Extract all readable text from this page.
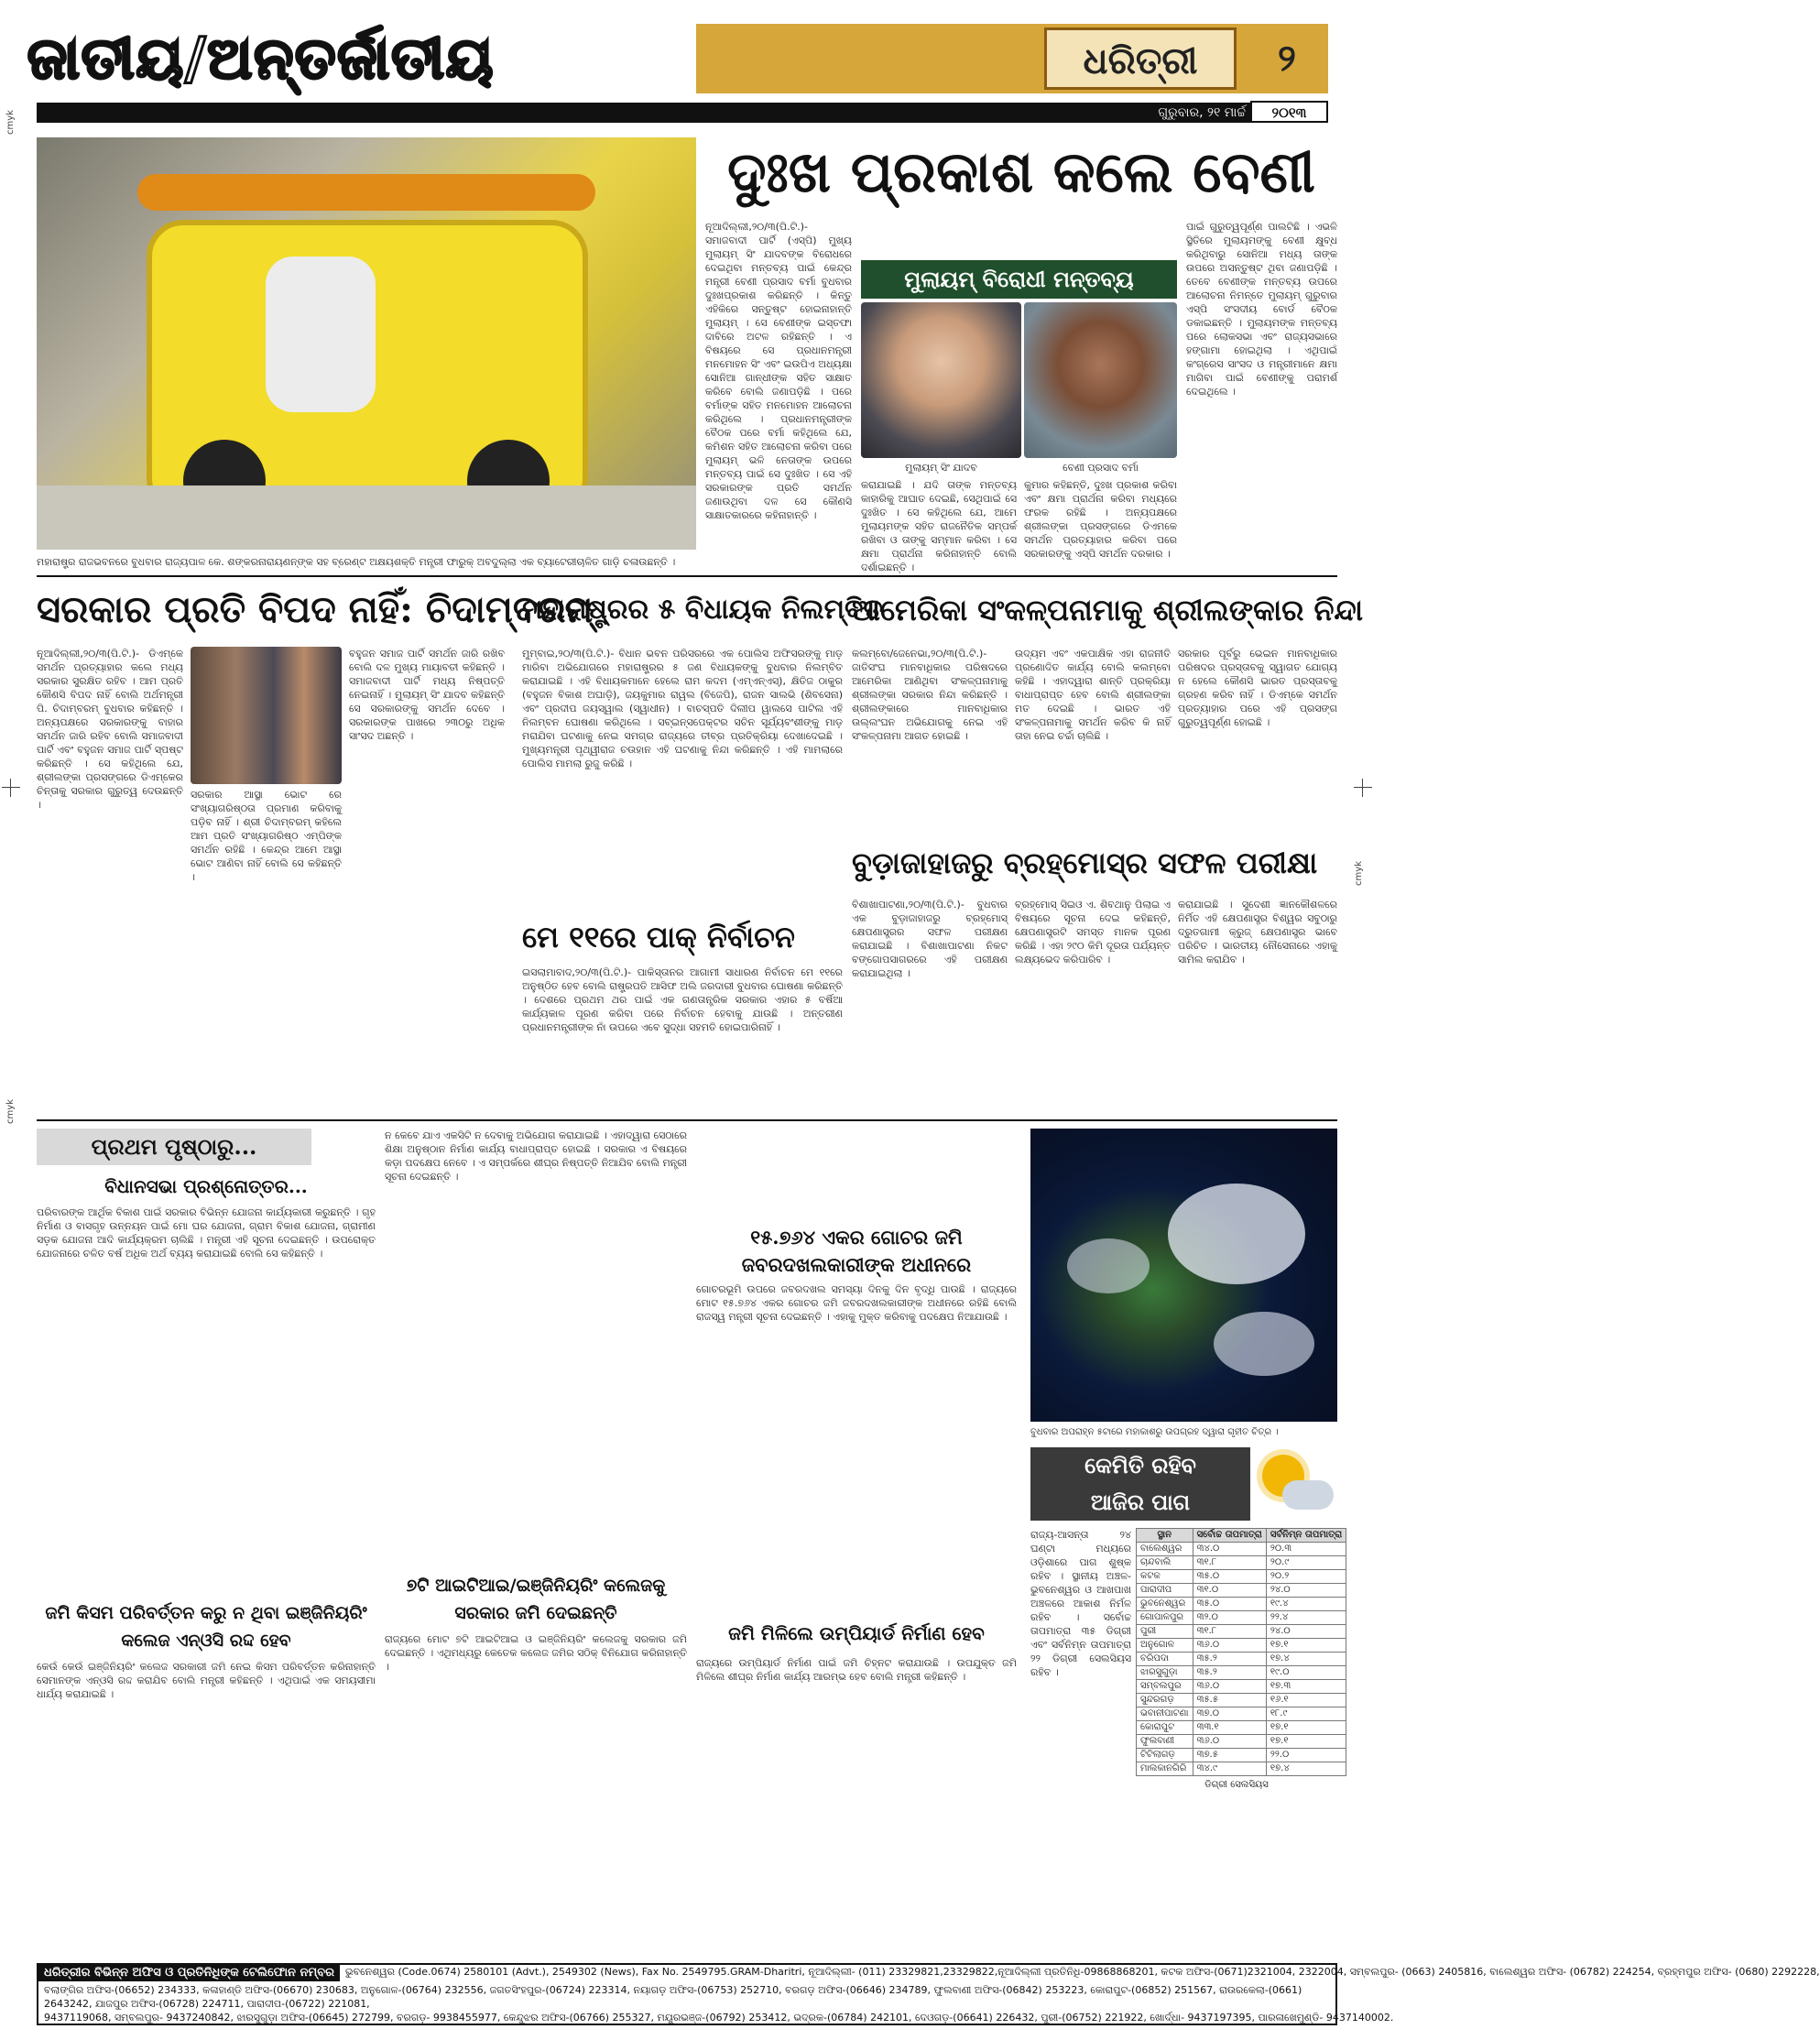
ଜାତୀୟ/ଅନ୍ତର୍ଜାତୀୟ	ଧରିତ୍ରୀ	୨
ଗୁରୁବାର, ୨୧ ମାର୍ଚ୍ଚ	୨୦୧୩
cmyk
cmyk
cmyk
ମହାରାଷ୍ଟ୍ର ରାଜଭବନରେ ବୁଧବାର ରାଜ୍ୟପାଳ କେ. ଶଙ୍କରନାରାୟଣନ୍ଙ୍କ ସହ ବ୍ରେଣ୍ଟ ଅକ୍ଷୟଶକ୍ତି ମନ୍ତ୍ରୀ ଫାରୁକ୍ ଅବଦୁଲ୍ଲା ଏକ ବ୍ୟାଟେରୀଚାଳିତ ଗାଡ଼ି ଚଳାଉଛନ୍ତି ।
ଦୁଃଖ ପ୍ରକାଶ କଲେ ବେଣୀ
ନୂଆଦିଲ୍ଲୀ,୨୦/୩(ପି.ଟି.)- ସମାଜବାଦୀ ପାର୍ଟି (ଏସ୍‌ପି) ମୁଖ୍ୟ ମୁଲାୟମ୍ ସିଂ ଯାଦବଙ୍କ ବିରୋଧରେ ଦେଇଥିବା ମନ୍ତବ୍ୟ ପାଇଁ କେନ୍ଦ୍ର ମନ୍ତ୍ରୀ ବେଣୀ ପ୍ରସାଦ ବର୍ମା ବୁଧବାର ଦୁଃଖପ୍ରକାଶ କରିଛନ୍ତି । କିନ୍ତୁ ଏହିକିରେ ସନ୍ତୁଷ୍ଟ ହୋଇନାହାନ୍ତି ମୁଲାୟମ୍ । ସେ ବେଣୀଙ୍କ ଇସ୍ତଫା ଦାବିରେ ଅଟଳ ରହିଛନ୍ତି । ଏ ବିଷୟରେ ସେ ପ୍ରଧାନମନ୍ତ୍ରୀ ମନମୋହନ ସିଂ ଏବଂ ଇଉପିଏ ଅଧ୍ୟକ୍ଷା ସୋନିଆ ଗାନ୍ଧୀଙ୍କ ସହିତ ସାକ୍ଷାତ କରିବେ ବୋଲି ଜଣାପଡ଼ିଛି । ପରେ ବର୍ମାଙ୍କ ସହିତ ମନମୋହନ ଆଲୋଚନା କରିଥିଲେ । ପ୍ରଧାନମନ୍ତ୍ରୀଙ୍କ ବୈଠକ ପରେ ବର୍ମା କହିଥିଲେ ଯେ, କମିଶନ ସହିତ ଆଲୋଚନା କରିବା ପରେ ମୁଲାୟମ୍ ଭଳି ନେତାଙ୍କ ଉପରେ ମନ୍ତବ୍ୟ ପାଇଁ ସେ ଦୁଃଖିତ । ସେ ଏହି ସରକାରଙ୍କ ପ୍ରତି ସମର୍ଥନ ଜଣାଉଥିବା ଦଳ ସେ କୌଣସି ସାକ୍ଷାତକାରରେ କହିନାହାନ୍ତି ।
ମୁଲାୟମ୍ ବିରୋଧୀ ମନ୍ତବ୍ୟ
ମୁଲାୟମ୍ ସିଂ ଯାଦବ	ବେଣୀ ପ୍ରସାଦ ବର୍ମା
କରାଯାଇଛି । ଯଦି ତାଙ୍କ ମନ୍ତବ୍ୟ କାହାରିକୁ ଆଘାତ ଦେଇଛି, ସେଥିପାଇଁ ସେ ଦୁଃଖିତ । ସେ କହିଥିଲେ ଯେ, ଆମେ ମୁଲାୟମଙ୍କ ସହିତ ରାଜନୈତିକ ସମ୍ପର୍କ ରଖିବା ଓ ତାଙ୍କୁ ସମ୍ମାନ କରିବା । ସେ କ୍ଷମା ପ୍ରାର୍ଥନା କରିନାହାନ୍ତି ବୋଲି ଦର୍ଶାଇଛନ୍ତି ।
କୁମାର କହିଛନ୍ତି, ଦୁଃଖ ପ୍ରକାଶ କରିବା ଏବଂ କ୍ଷମା ପ୍ରାର୍ଥନା କରିବା ମଧ୍ୟରେ ଫରକ ରହିଛି । ଅନ୍ୟପକ୍ଷରେ ଶ୍ରୀଲଙ୍କା ପ୍ରସଙ୍ଗରେ ଡିଏମକେ ସମର୍ଥନ ପ୍ରତ୍ୟାହାର କରିବା ପରେ ସରକାରଙ୍କୁ ଏସ୍‌ପି ସମର୍ଥନ ଦରକାର ।
ପାଇଁ ଗୁରୁତ୍ୱପୂର୍ଣ୍ଣ ପାଲଟିଛି । ଏଭଳି ସ୍ଥିତିରେ ମୁଲାୟମଙ୍କୁ ବେଣୀ କ୍ଷୁବ୍ଧ କରିଥିବାରୁ ସୋନିଆ ମଧ୍ୟ ତାଙ୍କ ଉପରେ ଅସନ୍ତୁଷ୍ଟ ଥିବା ଜଣାପଡ଼ିଛି । ତେବେ ବେଣୀଙ୍କ ମନ୍ତବ୍ୟ ଉପରେ ଆଲୋଚନା ନିମନ୍ତେ ମୁଲାୟମ୍ ଗୁରୁବାର ଏସ୍‌ପି ସଂସଦୀୟ ବୋର୍ଡ ବୈଠକ ଡକାଇଛନ୍ତି । ମୁଲାୟମଙ୍କ ମନ୍ତବ୍ୟ ପରେ ଲୋକସଭା ଏବଂ ରାଜ୍ୟସଭାରେ ହଙ୍ଗାମା ହୋଇଥିଲା । ଏଥିପାଇଁ କଂଗ୍ରେସ ସାଂସଦ ଓ ମନ୍ତ୍ରୀମାନେ କ୍ଷମା ମାଗିବା ପାଇଁ ବେଣୀଙ୍କୁ ପରାମର୍ଶ ଦେଇଥିଲେ ।
ସରକାର ପ୍ରତି ବିପଦ ନାହିଁ: ଚିଦାମ୍ବରମ୍
ନୂଆଦିଲ୍ଲୀ,୨୦/୩(ପି.ଟି.)- ଡିଏମ୍‌କେ ସମର୍ଥନ ପ୍ରତ୍ୟାହାର କଲେ ମଧ୍ୟ ସରକାର ସୁରକ୍ଷିତ ରହିବ । ଆମ ପ୍ରତି କୌଣସି ବିପଦ ନାହିଁ ବୋଲି ଅର୍ଥମନ୍ତ୍ରୀ ପି. ଚିଦାମ୍ବରମ୍ ବୁଧବାର କହିଛନ୍ତି । ଅନ୍ୟପକ୍ଷରେ ସରକାରଙ୍କୁ ବାହାର ସମର୍ଥନ ଜାରି ରହିବ ବୋଲି ସମାଜବାଦୀ ପାର୍ଟି ଏବଂ ବହୁଜନ ସମାଜ ପାର୍ଟି ସ୍ପଷ୍ଟ କରିଛନ୍ତି । ସେ କହିଥିଲେ ଯେ, ଶ୍ରୀଲଙ୍କା ପ୍ରସଙ୍ଗରେ ଡିଏମ୍‌କେର ଚିନ୍ତାକୁ ସରକାର ଗୁରୁତ୍ୱ ଦେଉଛନ୍ତି ।
ସରକାର ଆସ୍ଥା ଭୋଟ ରେ ସଂଖ୍ୟାଗରିଷ୍ଠତା ପ୍ରମାଣ କରିବାକୁ ପଡ଼ିବ ନାହିଁ । ଶ୍ରୀ ଚିଦାମ୍ବରମ୍ କହିଲେ ଆମ ପ୍ରତି ସଂଖ୍ୟାଗରିଷ୍ଠ ଏମ୍ପିଙ୍କ ସମର୍ଥନ ରହିଛି । କେନ୍ଦ୍ର ଆମେ ଆସ୍ଥା ଭୋଟ ଆଣିବା ନାହିଁ ବୋଲି ସେ କହିଛନ୍ତି ।
ବହୁଜନ ସମାଜ ପାର୍ଟି ସମର୍ଥନ ଜାରି ରଖିବ ବୋଲି ଦଳ ମୁଖ୍ୟ ମାୟାବତୀ କହିଛନ୍ତି । ସମାଜବାଦୀ ପାର୍ଟି ମଧ୍ୟ ନିଷ୍ପତ୍ତି ନେଇନାହିଁ । ମୁଲାୟମ୍ ସିଂ ଯାଦବ କହିଛନ୍ତି ସେ ସରକାରଙ୍କୁ ସମର୍ଥନ ଦେବେ । ସରକାରଙ୍କ ପାଖରେ ୨୩୦ରୁ ଅଧିକ ସାଂସଦ ଅଛନ୍ତି ।
ମହାରାଷ୍ଟ୍ରର ୫ ବିଧାୟକ ନିଲମ୍ବିତ
ମୁମ୍ବାଇ,୨୦/୩(ପି.ଟି.)- ବିଧାନ ଭବନ ପରିସରରେ ଏକ ପୋଲିସ ଅଫିସରଙ୍କୁ ମାଡ଼ ମାରିବା ଅଭିଯୋଗରେ ମହାରାଷ୍ଟ୍ରର ୫ ଜଣ ବିଧାୟକଙ୍କୁ ବୁଧବାର ନିଲମ୍ବିତ କରାଯାଇଛି । ଏହି ବିଧାୟକମାନେ ହେଲେ ରାମ କଦମ (ଏମ୍‌ଏନ୍‌ଏସ୍), କ୍ଷିତିଜ ଠାକୁର (ବହୁଜନ ବିକାଶ ଅଘାଡ଼ି), ଜୟକୁମାର ରାୱଲ (ବିଜେପି), ରାଜନ ସାଲଭି (ଶିବସେନା) ଏବଂ ପ୍ରଦୀପ ଜୟସ୍ୱାଲ (ସ୍ୱାଧୀନ) । ବାଚସ୍ପତି ଦିଲୀପ ୱାଲସେ ପାଟିଲ ଏହି ନିଲମ୍ବନ ଘୋଷଣା କରିଥିଲେ । ସବ୍‌ଇନ୍ସପେକ୍ଟର ସଚିନ ସୂର୍ଯ୍ୟବଂଶୀଙ୍କୁ ମାଡ଼ ମରାଯିବା ଘଟଣାକୁ ନେଇ ସମଗ୍ର ରାଜ୍ୟରେ ତୀବ୍ର ପ୍ରତିକ୍ରିୟା ଦେଖାଦେଇଛି । ମୁଖ୍ୟମନ୍ତ୍ରୀ ପୃଥ୍ୱୀରାଜ ଚଉହାନ ଏହି ଘଟଣାକୁ ନିନ୍ଦା କରିଛନ୍ତି । ଏହି ମାମଲାରେ ପୋଲିସ ମାମଲା ରୁଜୁ କରିଛି ।
ମେ ୧୧ରେ ପାକ୍ ନିର୍ବାଚନ
ଇସଲାମାବାଦ,୨୦/୩(ପି.ଟି.)- ପାକିସ୍ତାନର ଆଗାମୀ ସାଧାରଣ ନିର୍ବାଚନ ମେ ୧୧ରେ ଅନୁଷ୍ଠିତ ହେବ ବୋଲି ରାଷ୍ଟ୍ରପତି ଆସିଫ ଅଲି ଜରଦାରୀ ବୁଧବାର ଘୋଷଣା କରିଛନ୍ତି । ଦେଶରେ ପ୍ରଥମ ଥର ପାଇଁ ଏକ ଗଣତାନ୍ତ୍ରିକ ସରକାର ଏହାର ୫ ବର୍ଷିଆ କାର୍ଯ୍ୟକାଳ ପୂରଣ କରିବା ପରେ ନିର୍ବାଚନ ହେବାକୁ ଯାଉଛି । ଅନ୍ତରୀଣ ପ୍ରଧାନମନ୍ତ୍ରୀଙ୍କ ନାଁ ଉପରେ ଏବେ ସୁଦ୍ଧା ସହମତି ହୋଇପାରିନାହିଁ ।
ଆମେରିକା ସଂକଳ୍ପନାମାକୁ ଶ୍ରୀଲଙ୍କାର ନିନ୍ଦା
କଲମ୍ବୋ/ଜେନେଭା,୨୦/୩(ପି.ଟି.)- ଜାତିସଂଘ ମାନବାଧିକାର ପରିଷଦରେ ଆମେରିକା ଆଣିଥିବା ସଂକଳ୍ପନାମାକୁ ଶ୍ରୀଲଙ୍କା ସରକାର ନିନ୍ଦା କରିଛନ୍ତି । ଶ୍ରୀଲଙ୍କାରେ ମାନବାଧିକାର ଉଲ୍ଲଂଘନ ଅଭିଯୋଗକୁ ନେଇ ଏହି ସଂକଳ୍ପନାମା ଆଗତ ହୋଇଛି ।
ଉଦ୍ୟମ ଏବଂ ଏକପାକ୍ଷିକ ଏହା ରାଜନୀତି ପ୍ରଣୋଦିତ କାର୍ଯ୍ୟ ବୋଲି କଲମ୍ବୋ କହିଛି । ଏହାଦ୍ୱାରା ଶାନ୍ତି ପ୍ରକ୍ରିୟା ବାଧାପ୍ରାପ୍ତ ହେବ ବୋଲି ଶ୍ରୀଲଙ୍କା ମତ ଦେଇଛି । ଭାରତ ଏହି ସଂକଳ୍ପନାମାକୁ ସମର୍ଥନ କରିବ କି ନାହିଁ ତାହା ନେଇ ଚର୍ଚ୍ଚା ଚାଲିଛି ।
ସରକାର ପୂର୍ବରୁ ଭେଇନ ମାନବାଧିକାର ପରିଷଦର ପ୍ରସ୍ତାବକୁ ସ୍ୱାଗତ ଯୋଗ୍ୟ ନ ହେଲେ କୌଣସି ଭାରତ ପ୍ରସ୍ତାବକୁ ଗ୍ରହଣ କରିବ ନାହିଁ । ଡିଏମ୍‌କେ ସମର୍ଥନ ପ୍ରତ୍ୟାହାର ପରେ ଏହି ପ୍ରସଙ୍ଗ ଗୁରୁତ୍ୱପୂର୍ଣ୍ଣ ହୋଇଛି ।
ବୁଡ଼ାଜାହାଜରୁ ବ୍ରହ୍ମୋସ୍‌ର ସଫଳ ପରୀକ୍ଷା
ବିଶାଖାପାଟଣା,୨୦/୩(ପି.ଟି.)- ବୁଧବାର ଏକ ବୁଡ଼ାଜାହାଜରୁ ବ୍ରହ୍ମୋସ୍ କ୍ଷେପଣାସ୍ତ୍ରର ସଫଳ ପରୀକ୍ଷଣ କରାଯାଇଛି । ବିଶାଖାପାଟଣା ନିକଟ ବଙ୍ଗୋପସାଗରରେ ଏହି ପରୀକ୍ଷଣ କରାଯାଇଥିଲା ।
ବ୍ରହ୍ମୋସ୍ ସିଇଓ ଏ. ଶିବଥାନୁ ପିଲାଇ ଏ ବିଷୟରେ ସୂଚନା ଦେଇ କହିଛନ୍ତି, କ୍ଷେପଣାସ୍ତ୍ରଟି ସମସ୍ତ ମାନକ ପୂରଣ କରିଛି । ଏହା ୨୯୦ କିମି ଦୂରତା ପର୍ଯ୍ୟନ୍ତ ଲକ୍ଷ୍ୟଭେଦ କରିପାରିବ ।
କରାଯାଇଛି । ସୁଦେଶୀ ଜ୍ଞାନକୌଶଳରେ ନିର୍ମିତ ଏହି କ୍ଷେପଣାସ୍ତ୍ର ବିଶ୍ୱର ସବୁଠାରୁ ଦ୍ରୁତଗାମୀ କ୍ରୁଜ୍ କ୍ଷେପଣାସ୍ତ୍ର ଭାବେ ପରିଚିତ । ଭାରତୀୟ ନୌସେନାରେ ଏହାକୁ ସାମିଲ କରାଯିବ ।
ପ୍ରଥମ ପୃଷ୍ଠାରୁ...
ବିଧାନସଭା ପ୍ରଶ୍ନୋତ୍ତର...
ପରିବାରଙ୍କ ଆର୍ଥିକ ବିକାଶ ପାଇଁ ସରକାର ବିଭିନ୍ନ ଯୋଜନା କାର୍ଯ୍ୟକାରୀ କରୁଛନ୍ତି । ଗୃହ ନିର୍ମାଣ ଓ ବାସଗୃହ ଉନ୍ନୟନ ପାଇଁ ମୋ ଘର ଯୋଜନା, ଗ୍ରାମ ବିକାଶ ଯୋଜନା, ଗ୍ରାମୀଣ ସଡ଼କ ଯୋଜନା ଆଦି କାର୍ଯ୍ୟକ୍ରମ ଚାଲିଛି । ମନ୍ତ୍ରୀ ଏହି ସୂଚନା ଦେଇଛନ୍ତି । ଉପରୋକ୍ତ ଯୋଜନାରେ ଚଳିତ ବର୍ଷ ଅଧିକ ଅର୍ଥ ବ୍ୟୟ କରାଯାଇଛି ବୋଲି ସେ କହିଛନ୍ତି ।
ଜମି କିସମ ପରିବର୍ତ୍ତନ କରୁ ନ ଥିବା ଇଞ୍ଜିନିୟରିଂ କଲେଜ ଏନ୍ଓସି ରଦ୍ଦ ହେବ
କେଉଁ କେଉଁ ଇଞ୍ଜିନିୟରିଂ କଲେଜ ସରକାରୀ ଜମି ନେଇ କିସମ ପରିବର୍ତ୍ତନ କରିନାହାନ୍ତି ସେମାନଙ୍କ ଏନ୍ଓସି ରଦ୍ଦ କରାଯିବ ବୋଲି ମନ୍ତ୍ରୀ କହିଛନ୍ତି । ଏଥିପାଇଁ ଏକ ସମୟସୀମା ଧାର୍ଯ୍ୟ କରାଯାଇଛି ।
ନ କେବେ ଯାଏ ଏକସିଟି ନ ଦେବାକୁ ଅଭିଯୋଗ କରାଯାଇଛି । ଏହାଦ୍ୱାରା ସେଠାରେ ଶିକ୍ଷା ଅନୁଷ୍ଠାନ ନିର୍ମାଣ କାର୍ଯ୍ୟ ବାଧାପ୍ରାପ୍ତ ହୋଇଛି । ସରକାର ଏ ବିଷୟରେ କଡ଼ା ପଦକ୍ଷେପ ନେବେ । ଏ ସମ୍ପର୍କରେ ଶୀଘ୍ର ନିଷ୍ପତ୍ତି ନିଆଯିବ ବୋଲି ମନ୍ତ୍ରୀ ସୂଚନା ଦେଇଛନ୍ତି ।
୭ଟି ଆଇଟିଆଇ/ଇଞ୍ଜିନିୟରିଂ କଲେଜକୁ ସରକାର ଜମି ଦେଇଛନ୍ତି
ରାଜ୍ୟରେ ମୋଟ ୭ଟି ଆଇଟିଆଇ ଓ ଇଞ୍ଜିନିୟରିଂ କଲେଜକୁ ସରକାର ଜମି ଦେଇଛନ୍ତି । ଏଥିମଧ୍ୟରୁ କେତେକ କଲେଜ ଜମିର ସଠିକ୍ ବିନିଯୋଗ କରିନାହାନ୍ତି ।
୧୫.୭୬୪ ଏକର ଗୋଚର ଜମି ଜବରଦଖଲକାରୀଙ୍କ ଅଧୀନରେ
ଗୋଚରଭୂମି ଉପରେ ଜବରଦଖଲ ସମସ୍ୟା ଦିନକୁ ଦିନ ବୃଦ୍ଧି ପାଉଛି । ରାଜ୍ୟରେ ମୋଟ ୧୫.୭୬୪ ଏକର ଗୋଚର ଜମି ଜବରଦଖଲକାରୀଙ୍କ ଅଧୀନରେ ରହିଛି ବୋଲି ରାଜସ୍ୱ ମନ୍ତ୍ରୀ ସୂଚନା ଦେଇଛନ୍ତି । ଏହାକୁ ମୁକ୍ତ କରିବାକୁ ପଦକ୍ଷେପ ନିଆଯାଉଛି ।
ଜମି ମିଳିଲେ ଉମ୍ପିୟାର୍ଡ ନିର୍ମାଣ ହେବ
ରାଜ୍ୟରେ ଉମ୍ପିୟାର୍ଡ ନିର୍ମାଣ ପାଇଁ ଜମି ଚିହ୍ନଟ କରାଯାଉଛି । ଉପଯୁକ୍ତ ଜମି ମିଳିଲେ ଶୀଘ୍ର ନିର୍ମାଣ କାର୍ଯ୍ୟ ଆରମ୍ଭ ହେବ ବୋଲି ମନ୍ତ୍ରୀ କହିଛନ୍ତି ।
ବୁଧବାର ଅପରାହ୍ନ ୫ଟାରେ ମହାକାଶରୁ ଉପଗ୍ରହ ଦ୍ୱାରା ଗୃହୀତ ଚିତ୍ର ।
କେମିତି ରହିବ
ଆଜିର ପାଗ
ରାଜ୍ୟ-ଆସନ୍ତା ୨୪ ଘଣ୍ଟା ମଧ୍ୟରେ ଓଡ଼ିଶାରେ ପାଗ ଶୁଷ୍କ ରହିବ । ସ୍ଥାନୀୟ ଅଞ୍ଚଳ- ଭୁବନେଶ୍ୱର ଓ ଆଖପାଖ ଅଞ୍ଚଳରେ ଆକାଶ ନିର୍ମଳ ରହିବ । ସର୍ବୋଚ୍ଚ ତାପମାତ୍ରା ୩୫ ଡିଗ୍ରୀ ଏବଂ ସର୍ବନିମ୍ନ ତାପମାତ୍ରା ୨୨ ଡିଗ୍ରୀ ସେଲସିୟସ ରହିବ ।
ସ୍ଥାନ	ସର୍ବୋଚ୍ଚ ତାପମାତ୍ରା	ସର୍ବନିମ୍ନ ତାପମାତ୍ରା
ବାଲେଶ୍ୱର	୩୪.୦	୨୦.୩
ଚାନ୍ଦବାଲି	୩୧.୮	୨୦.୯
କଟକ	୩୫.୦	୨୦.୨
ପାରାଦୀପ	୩୧.୦	୨୪.୦
ଭୁବନେଶ୍ୱର	୩୫.୦	୧୯.୪
ଗୋପାଳପୁର	୩୨.୦	୨୨.୪
ପୁରୀ	୩୧.୮	୨୪.୦
ଅନୁଗୋଳ	୩୬.୦	୧୭.୧
ବରିପଦା	୩୫.୨	୧୭.୪
ଝାରସୁଗୁଡ଼ା	୩୫.୨	୧୯.୦
ସମ୍ବଲପୁର	୩୬.୦	୧୭.୩
ସୁନ୍ଦରଗଡ଼	୩୫.୫	୧୬.୧
ଭବାନୀପାଟଣା	୩୭.୦	୧୮.୯
କୋରାପୁଟ	୩୩.୧	୧୭.୧
ଫୁଲବାଣୀ	୩୬.୦	୧୭.୧
ଟିଟିଲାଗଡ଼	୩୭.୫	୨୨.୦
ମାଲକାନଗିରି	୩୪.୯	୧୭.୪
ଡିଗ୍ରୀ ସେଲସିୟସ
ଧରିତ୍ରୀର ବିଭିନ୍ନ ଅଫିସ ଓ ପ୍ରତିନିଧିଙ୍କ ଟେଲିଫୋନ ନମ୍ବର	ଭୁବନେଶ୍ୱର (Code.0674) 2580101 (Advt.), 2549302 (News), Fax No. 2549795.GRAM-Dharitri, ନୂଆଦିଲ୍ଲୀ- (011) 23329821,23329822,ନୂଆଦିଲ୍ଲୀ ପ୍ରତିନିଧି-09868868201, କଟକ ଅଫିସ-(0671)2321004, 2322004, ସମ୍ବଲପୁର- (0663) 2405816, ବାଲେଶ୍ୱର ଅଫିସ- (06782) 224254, ବ୍ରହ୍ମପୁର ଅଫିସ- (0680) 2292228,
ବଲାଙ୍ଗିର ଅଫିସ-(06652) 234333, କଳାହାଣ୍ଡି ଅଫିସ-(06670) 230683, ଅନୁଗୋଳ-(06764) 232556, ଜଗତସିଂହପୁର-(06724) 223314, ନୟାଗଡ଼ ଅଫିସ-(06753) 252710, ବରଗଡ଼ ଅଫିସ-(06646) 234789, ଫୁଲବାଣୀ ଅଫିସ-(06842) 253223, କୋରାପୁଟ-(06852) 251567, ରାଉରକେଲା-(0661) 2643242, ଯାଜପୁର ଅଫିସ-(06728) 224711, ପାରାଦୀପ-(06722) 221081,
9437119068, ସମ୍ବଲପୁର- 9437240842, ଝାରସୁଗୁଡ଼ା ଅଫିସ-(06645) 272799, ବରଗଡ଼- 9938455977, କେନ୍ଦୁଝର ଅଫିସ-(06766) 255327, ମୟୂରଭଞ୍ଜ-(06792) 253412, ଭଦ୍ରକ-(06784) 242101, ଦେଓଗଡ଼-(06641) 226432, ପୁରୀ-(06752) 221922, ଖୋର୍ଦ୍ଧା- 9437197395, ପାରଳାଖେମୁଣ୍ଡି- 9437140002.
